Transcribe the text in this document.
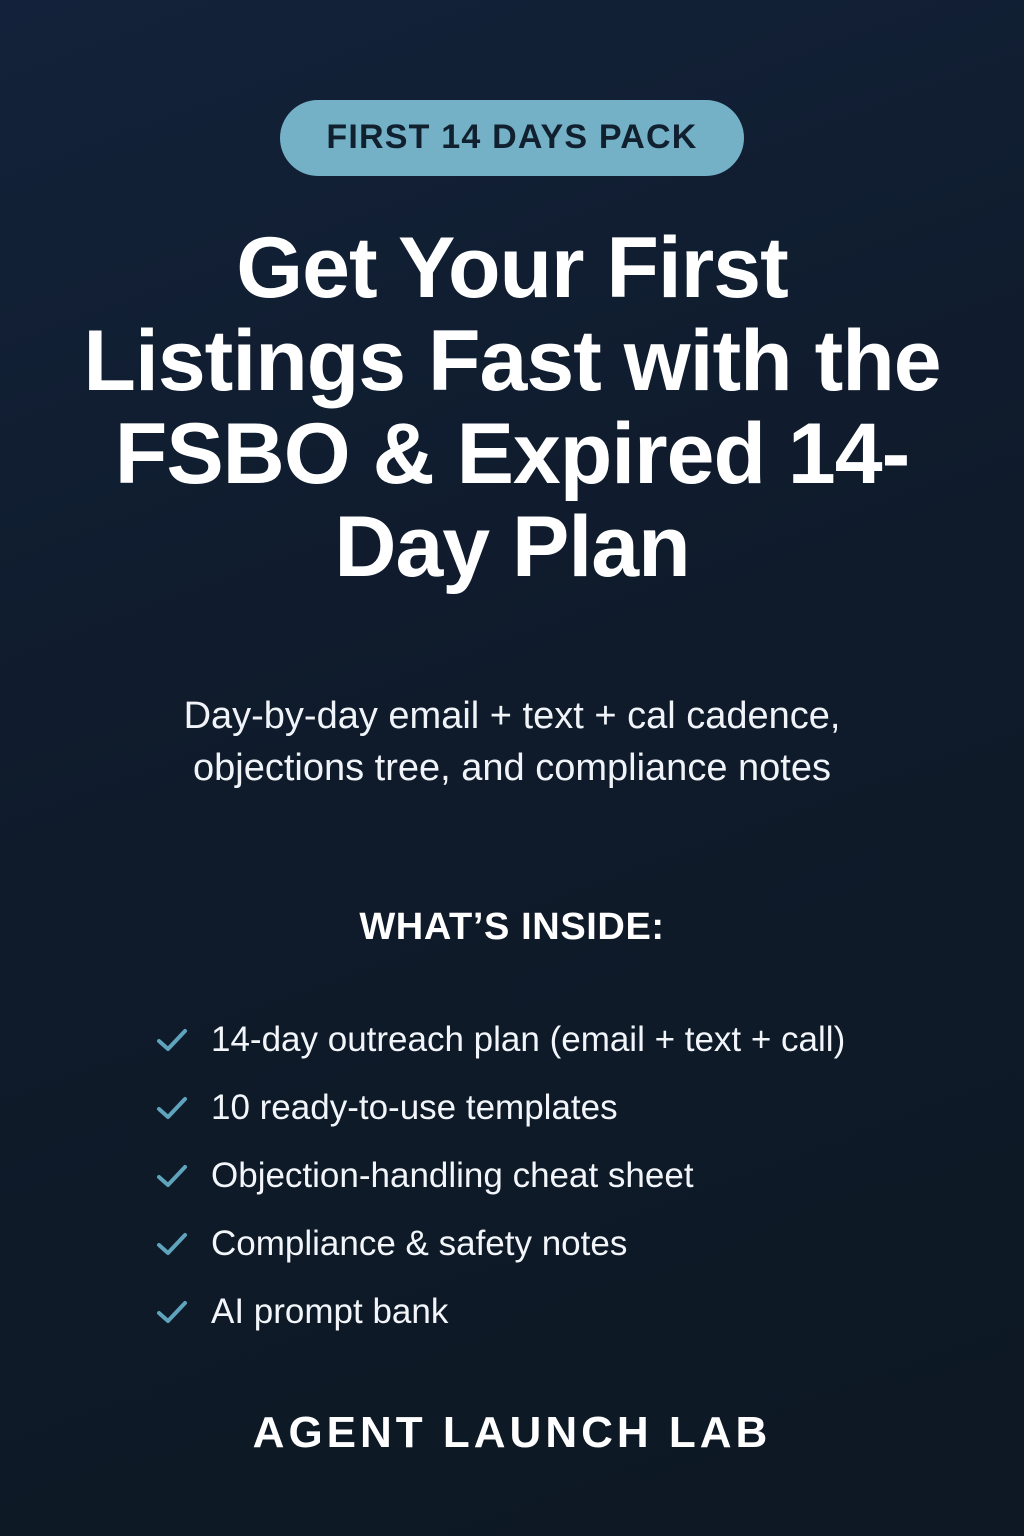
FIRST 14 DAYS PACK
Get Your First Listings Fast with the FSBO & Expired 14-Day Plan

Day-by-day email + text + cal cadence, objections tree, and compliance notes

WHAT’S INSIDE:
14-day outreach plan (email + text + call)
10 ready-to-use templates
Objection-handling cheat sheet
Compliance & safety notes
AI prompt bank
AGENT LAUNCH LAB
